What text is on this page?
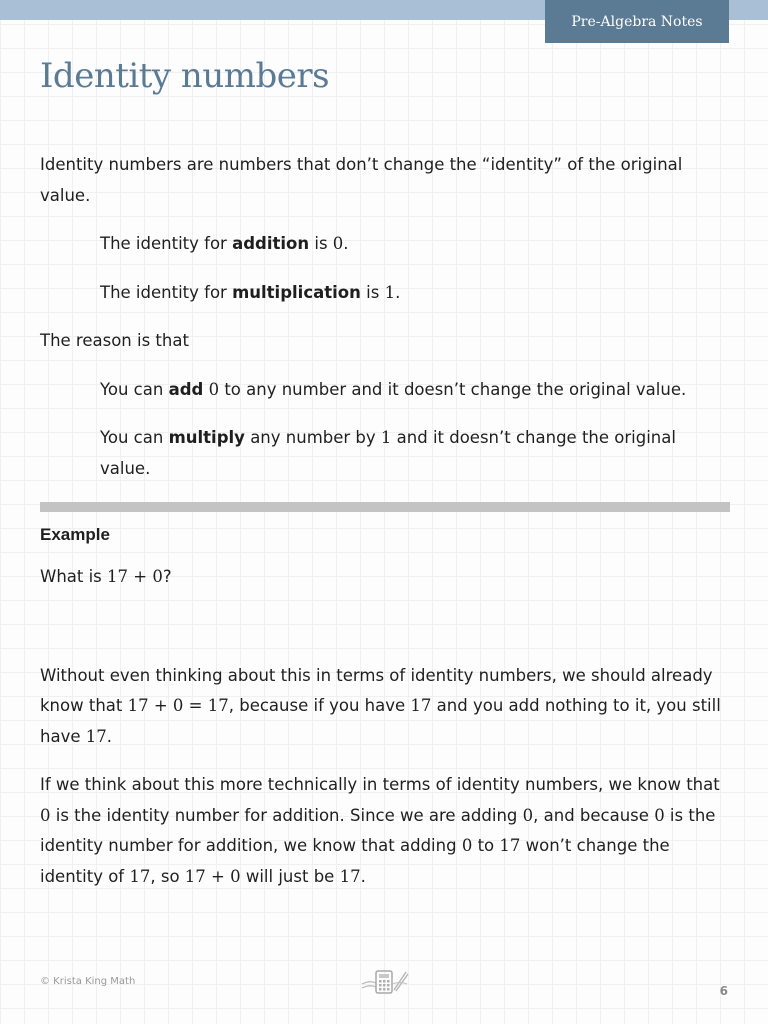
Pre-Algebra Notes
Identity numbers

Identity numbers are numbers that don’t change the “identity” of the original value.

The identity for addition is 0.

The identity for multiplication is 1.

The reason is that

You can add 0 to any number and it doesn’t change the original value.

You can multiply any number by 1 and it doesn’t change the original value.

Example

What is 17 + 0?

Without even thinking about this in terms of identity numbers, we should already know that 17 + 0 = 17, because if you have 17 and you add nothing to it, you still have 17.

If we think about this more technically in terms of identity numbers, we know that 0 is the identity number for addition. Since we are adding 0, and because 0 is the identity number for addition, we know that adding 0 to 17 won’t change the identity of 17, so 17 + 0 will just be 17.

© Krista King Math
6
